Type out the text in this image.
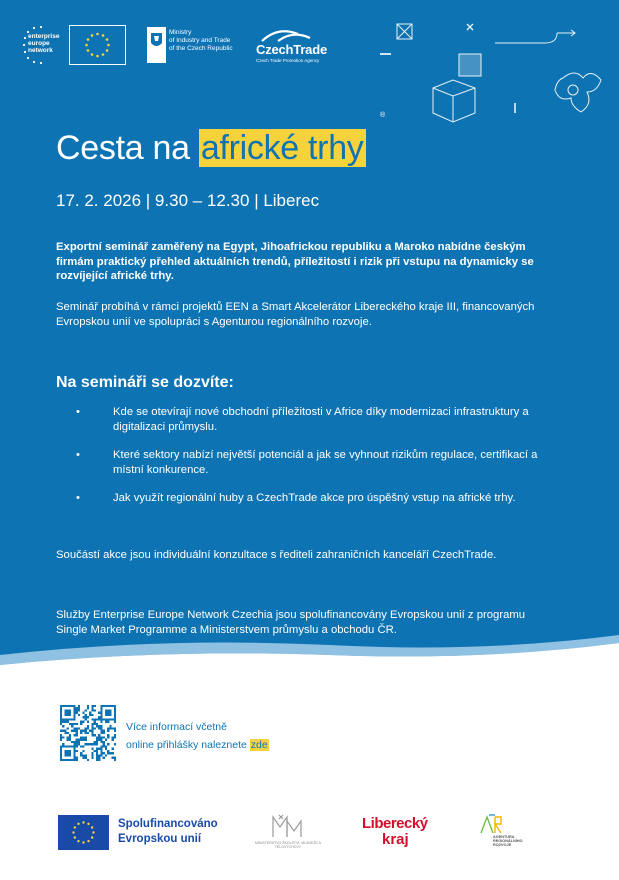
enterprise
europe
network
Ministry
of Industry and Trade
of the Czech Republic CzechTrade
Czech Trade Promotion Agency
®
Cesta na africké trhy
17. 2. 2026 | 9.30 – 12.30 | Liberec

Exportní seminář zaměřený na Egypt, Jihoafrickou republiku a Maroko nabídne českým firmám praktický přehled aktuálních trendů, příležitostí i rizik při vstupu na dynamicky se rozvíjející africké trhy.

Seminář probíhá v rámci projektů EEN a Smart Akcelerátor Libereckého kraje III, financovaných Evropskou unií ve spolupráci s Agenturou regionálního rozvoje.

Na semináři se dozvíte:
•	Kde se otevírají nové obchodní příležitosti v Africe díky modernizaci infrastruktury a digitalizaci průmyslu.
•	Které sektory nabízí největší potenciál a jak se vyhnout rizikům regulace, certifikací a místní konkurence.
•	Jak využít regionální huby a CzechTrade akce pro úspěšný vstup na africké trhy.

Součástí akce jsou individuální konzultace s řediteli zahraničních kanceláří CzechTrade.

Služby Enterprise Europe Network Czechia jsou spolufinancovány Evropskou unií z programu Single Market Programme a Ministerstvem průmyslu a obchodu ČR.

Více informací včetně
online přihlášky naleznete zde
Spolufinancováno
Evropskou unií	MINISTERSTVO ŠKOLSTVÍ, MLÁDEŽE A TĚLOVÝCHOVY
Liberecký
kraj	AGENTURA REGIONÁLNÍHO ROZVOJE
